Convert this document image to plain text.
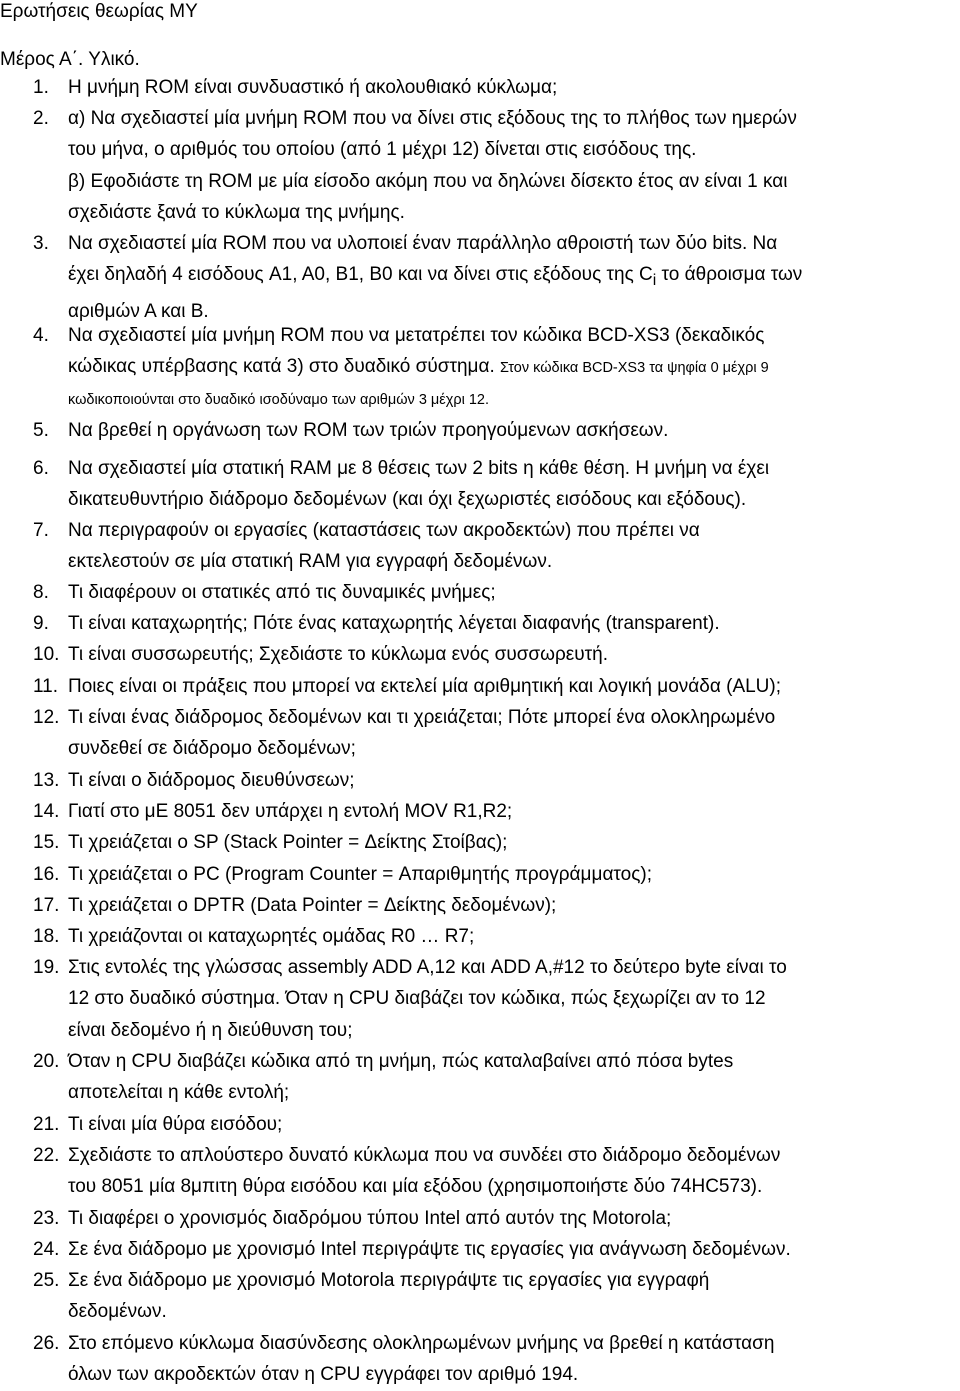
Ερωτήσεις θεωρίας ΜΥ
Μέρος Α΄. Υλικό.
1.	Η μνήμη ROM είναι συνδυαστικό ή ακολουθιακό κύκλωμα;
2.	α) Να σχεδιαστεί μία μνήμη ROM που να δίνει στις εξόδους της το πλήθος των ημερών
του μήνα, ο αριθμός του οποίου (από 1 μέχρι 12) δίνεται στις εισόδους της.
β) Εφοδιάστε τη ROM με μία είσοδο ακόμη που να δηλώνει δίσεκτο έτος αν είναι 1 και
σχεδιάστε ξανά το κύκλωμα της μνήμης.
3.	Να σχεδιαστεί μία ROM που να υλοποιεί έναν παράλληλο αθροιστή των δύο bits. Να
έχει δηλαδή 4 εισόδους A1, A0, B1, B0 και να δίνει στις εξόδους της $C_i$ το άθροισμα των
αριθμών Α και Β.
4.	Να σχεδιαστεί μία μνήμη ROM που να μετατρέπει τον κώδικα BCD-XS3 (δεκαδικός
κώδικας υπέρβασης κατά 3) στο δυαδικό σύστημα. Στον κώδικα BCD-XS3 τα ψηφία 0 μέχρι 9
κωδικοποιούνται στο δυαδικό ισοδύναμο των αριθμών 3 μέχρι 12.
5.	Να βρεθεί η οργάνωση των ROM των τριών προηγούμενων ασκήσεων.
6.	Να σχεδιαστεί μία στατική RAM με 8 θέσεις των 2 bits η κάθε θέση. Η μνήμη να έχει
δικατευθυντήριο διάδρομο δεδομένων (και όχι ξεχωριστές εισόδους και εξόδους).
7.	Να περιγραφούν οι εργασίες (καταστάσεις των ακροδεκτών) που πρέπει να
εκτελεστούν σε μία στατική RAM για εγγραφή δεδομένων.
8.	Τι διαφέρουν οι στατικές από τις δυναμικές μνήμες;
9.	Τι είναι καταχωρητής; Πότε ένας καταχωρητής λέγεται διαφανής (transparent).
10. Τι είναι συσσωρευτής; Σχεδιάστε το κύκλωμα ενός συσσωρευτή.
11. Ποιες είναι οι πράξεις που μπορεί να εκτελεί μία αριθμητική και λογική μονάδα (ALU);
12. Τι είναι ένας διάδρομος δεδομένων και τι χρειάζεται; Πότε μπορεί ένα ολοκληρωμένο
συνδεθεί σε διάδρομο δεδομένων;
13. Τι είναι ο διάδρομος διευθύνσεων;
14. Γιατί στο μΕ 8051 δεν υπάρχει η εντολή MOV R1,R2;
15. Τι χρειάζεται ο SP (Stack Pointer = Δείκτης Στοίβας);
16. Τι χρειάζεται ο PC (Program Counter = Απαριθμητής προγράμματος);
17. Τι χρειάζεται ο DPTR (Data Pointer = Δείκτης δεδομένων);
18. Τι χρειάζονται οι καταχωρητές ομάδας R0 … R7;
19. Στις εντολές της γλώσσας assembly ADD A,12 και ADD A,#12 το δεύτερο byte είναι το
12 στο δυαδικό σύστημα. Όταν η CPU διαβάζει τον κώδικα, πώς ξεχωρίζει αν το 12
είναι δεδομένο ή η διεύθυνση του;
20. Όταν η CPU διαβάζει κώδικα από τη μνήμη, πώς καταλαβαίνει από πόσα bytes
αποτελείται η κάθε εντολή;
21. Τι είναι μία θύρα εισόδου;
22. Σχεδιάστε το απλούστερο δυνατό κύκλωμα που να συνδέει στο διάδρομο δεδομένων
του 8051 μία 8μπιτη θύρα εισόδου και μία εξόδου (χρησιμοποιήστε δύο 74HC573).
23. Τι διαφέρει ο χρονισμός διαδρόμου τύπου Intel από αυτόν της Motorola;
24. Σε ένα διάδρομο με χρονισμό Intel περιγράψτε τις εργασίες για ανάγνωση δεδομένων.
25. Σε ένα διάδρομο με χρονισμό Motorola περιγράψτε τις εργασίες για εγγραφή
δεδομένων.
26. Στο επόμενο κύκλωμα διασύνδεσης ολοκληρωμένων μνήμης να βρεθεί η κατάσταση
όλων των ακροδεκτών όταν η CPU εγγράφει τον αριθμό 194.
